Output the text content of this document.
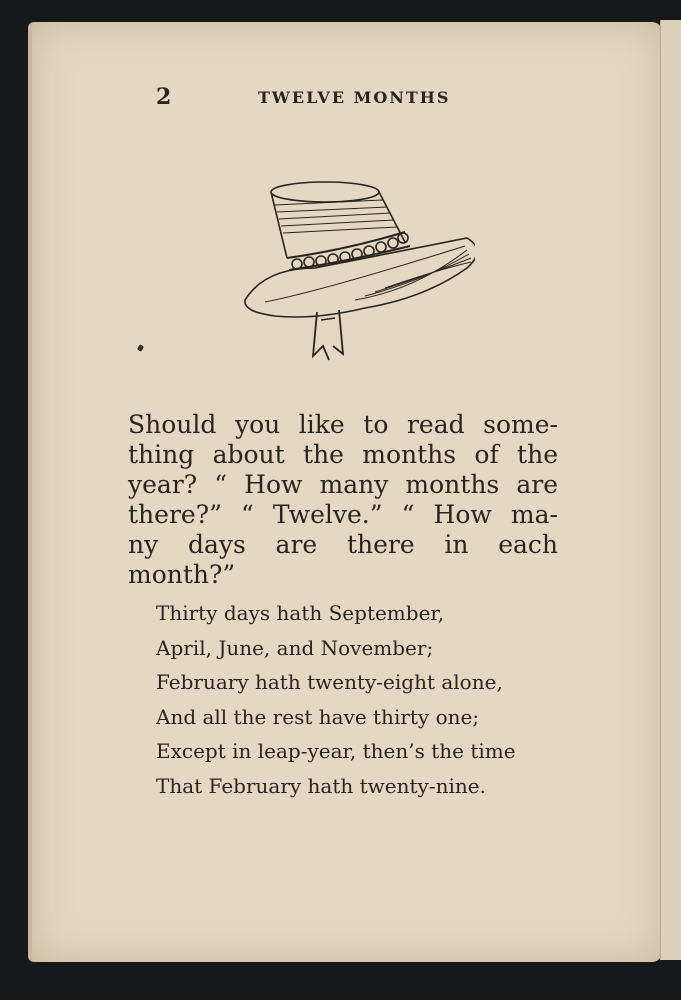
2	TWELVE MONTHS
Should you like to read some-
thing about the months of the
year? “ How many months are
there?” “ Twelve.” “ How ma-
ny days are there in each
month?”
Thirty days hath September,
April, June, and November;
February hath twenty-eight alone,
And all the rest have thirty one;
Except in leap-year, then’s the time
That February hath twenty-nine.
